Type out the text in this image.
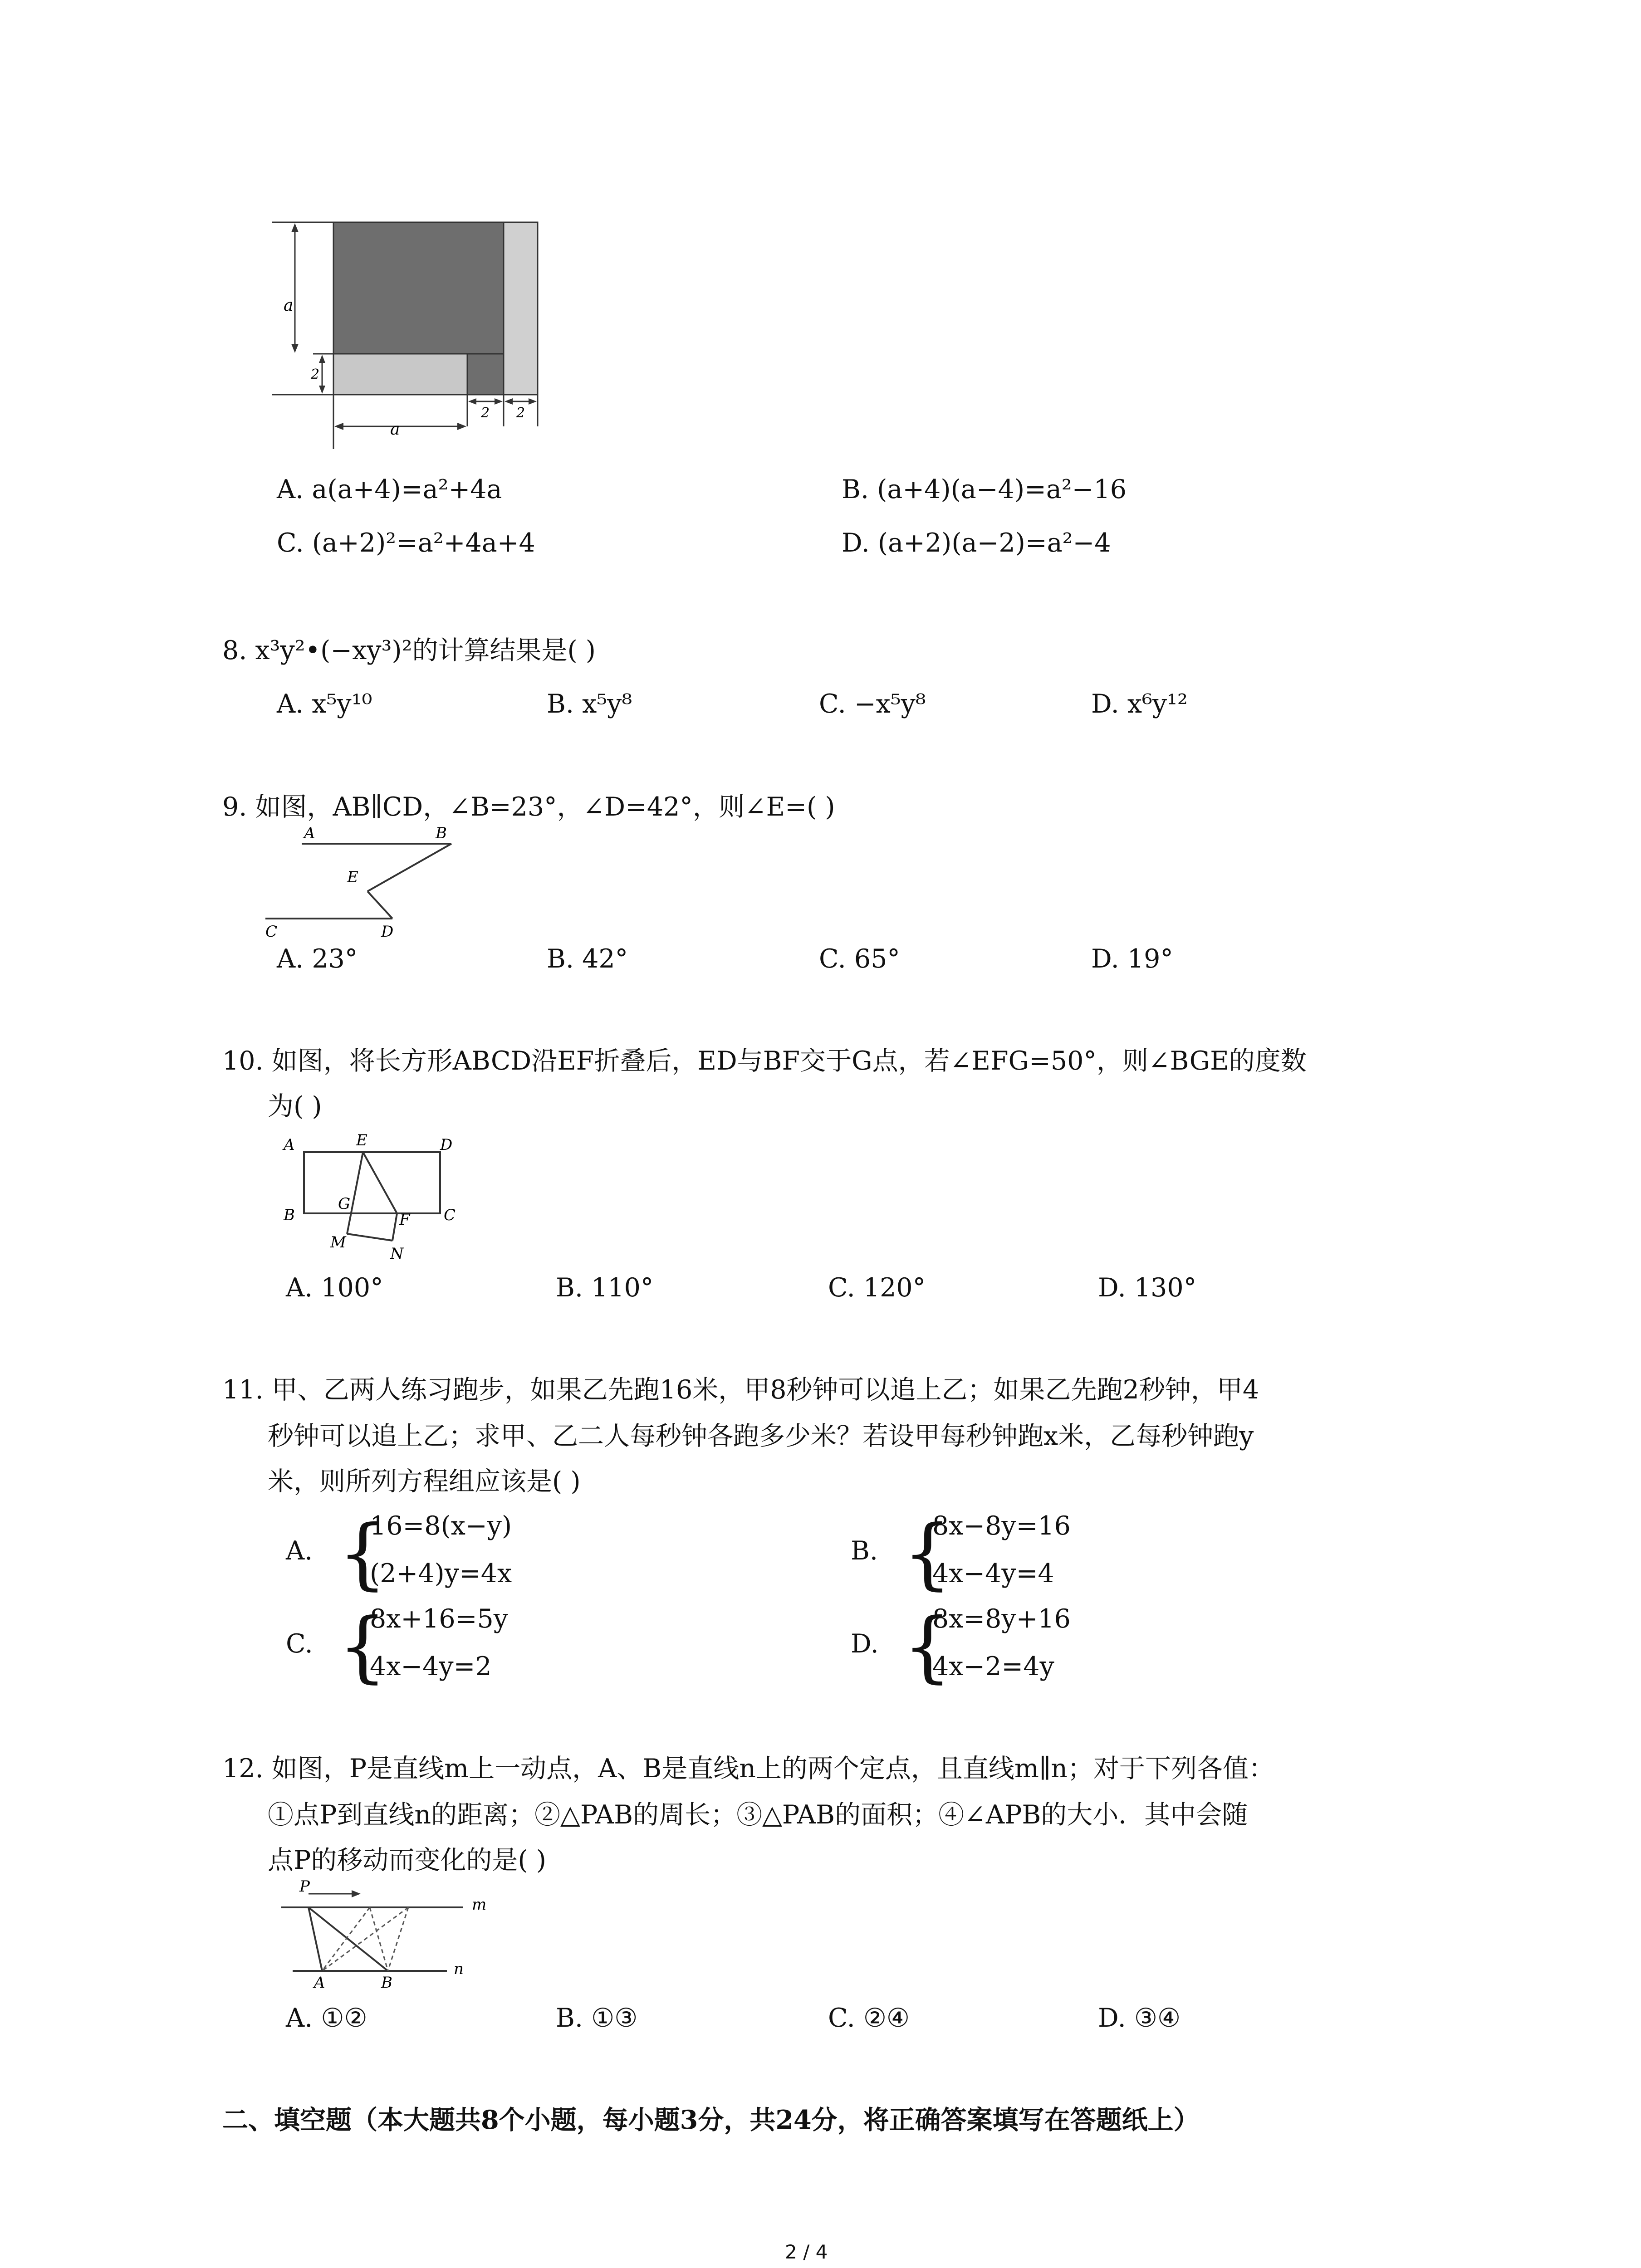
a
2
a
2 2
A. a(a+4)=a²+4a	B. (a+4)(a−4)=a²−16
C. (a+2)²=a²+4a+4	D. (a+2)(a−2)=a²−4
8. x³y²•(−xy³)²的计算结果是( )
A. x⁵y¹⁰	B. x⁵y⁸	C. −x⁵y⁸	D. x⁶y¹²
9. 如图，AB∥CD，∠B=23°，∠D=42°，则∠E=( )
A	B
E
C	D
A. 23°	B. 42°	C. 65°	D. 19°
10. 如图，将长方形ABCD沿EF折叠后，ED与BF交于G点，若∠EFG=50°，则∠BGE的度数
为( )
A	E	D
G
B	F C
M
N
A. 100°	B. 110°	C. 120°	D. 130°
11. 甲、乙两人练习跑步，如果乙先跑16米，甲8秒钟可以追上乙；如果乙先跑2秒钟，甲4
秒钟可以追上乙；求甲、乙二人每秒钟各跑多少米？若设甲每秒钟跑x米，乙每秒钟跑y
米，则所列方程组应该是( )
A. {
16=8(x−y)
(2+4)y=4x
B. {
8x−8y=16
4x−4y=4
C. {
8x+16=5y
4x−4y=2
D. {
8x=8y+16
4x−2=4y
12. 如图，P是直线m上一动点，A、B是直线n上的两个定点，且直线m∥n；对于下列各值：
①点P到直线n的距离；②△PAB的周长；③△PAB的面积；④∠APB的大小．其中会随
点P的移动而变化的是( )
P
m
n
A	B
A. ①②	B. ①③	C. ②④	D. ③④
二、填空题（本大题共8个小题，每小题3分，共24分，将正确答案填写在答题纸上）
2 / 4
